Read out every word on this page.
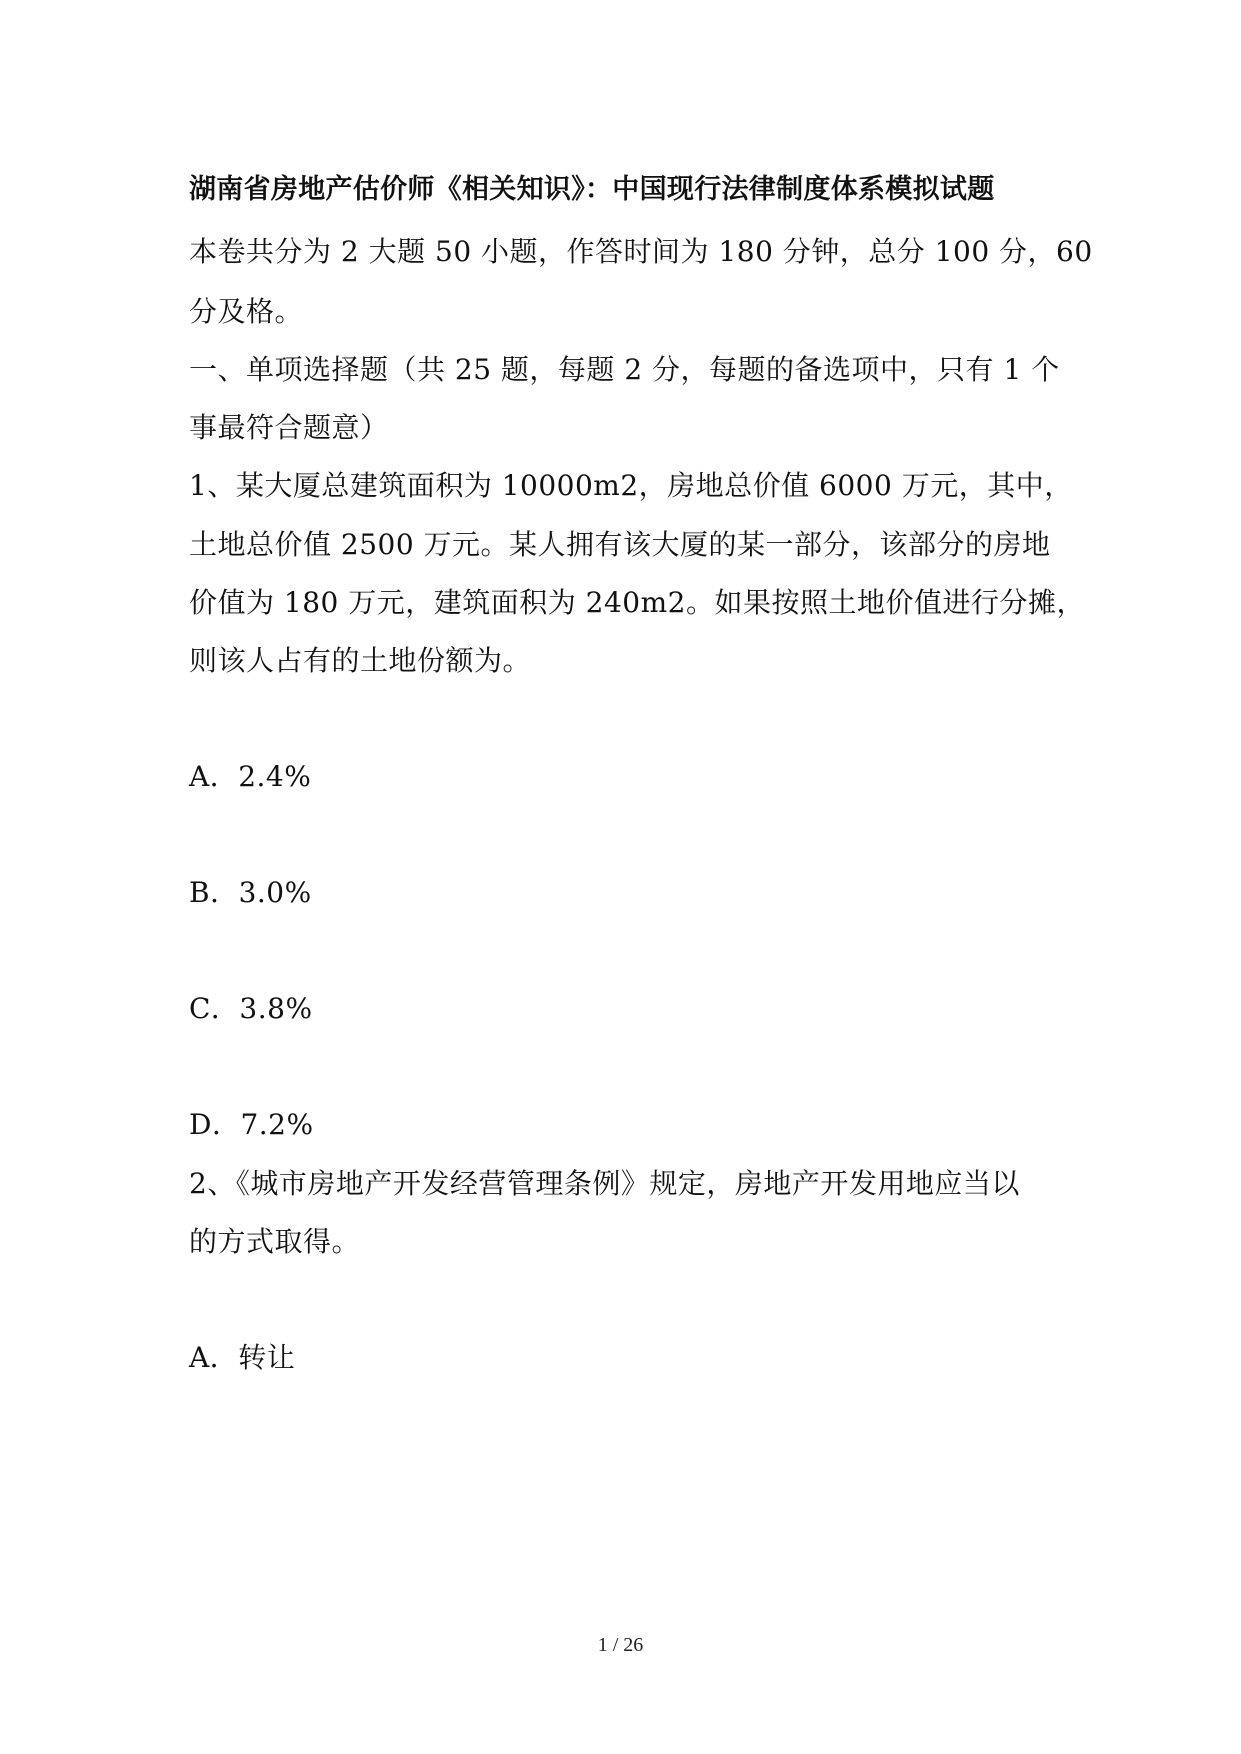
湖南省房地产估价师《相关知识》：中国现行法律制度体系模拟试题
本卷共分为 2 大题 50 小题，作答时间为 180 分钟，总分 100 分，60
分及格。
一、单项选择题（共 25 题，每题 2 分，每题的备选项中，只有 1 个
事最符合题意）
1、某大厦总建筑面积为 10000m2，房地总价值 6000 万元，其中，
土地总价值 2500 万元。某人拥有该大厦的某一部分，该部分的房地
价值为 180 万元，建筑面积为 240m2。如果按照土地价值进行分摊，
则该人占有的土地份额为。
A．2.4%
B．3.0%
C．3.8%
D．7.2%
2、《城市房地产开发经营管理条例》规定，房地产开发用地应当以
的方式取得。
A．转让
1 / 26
